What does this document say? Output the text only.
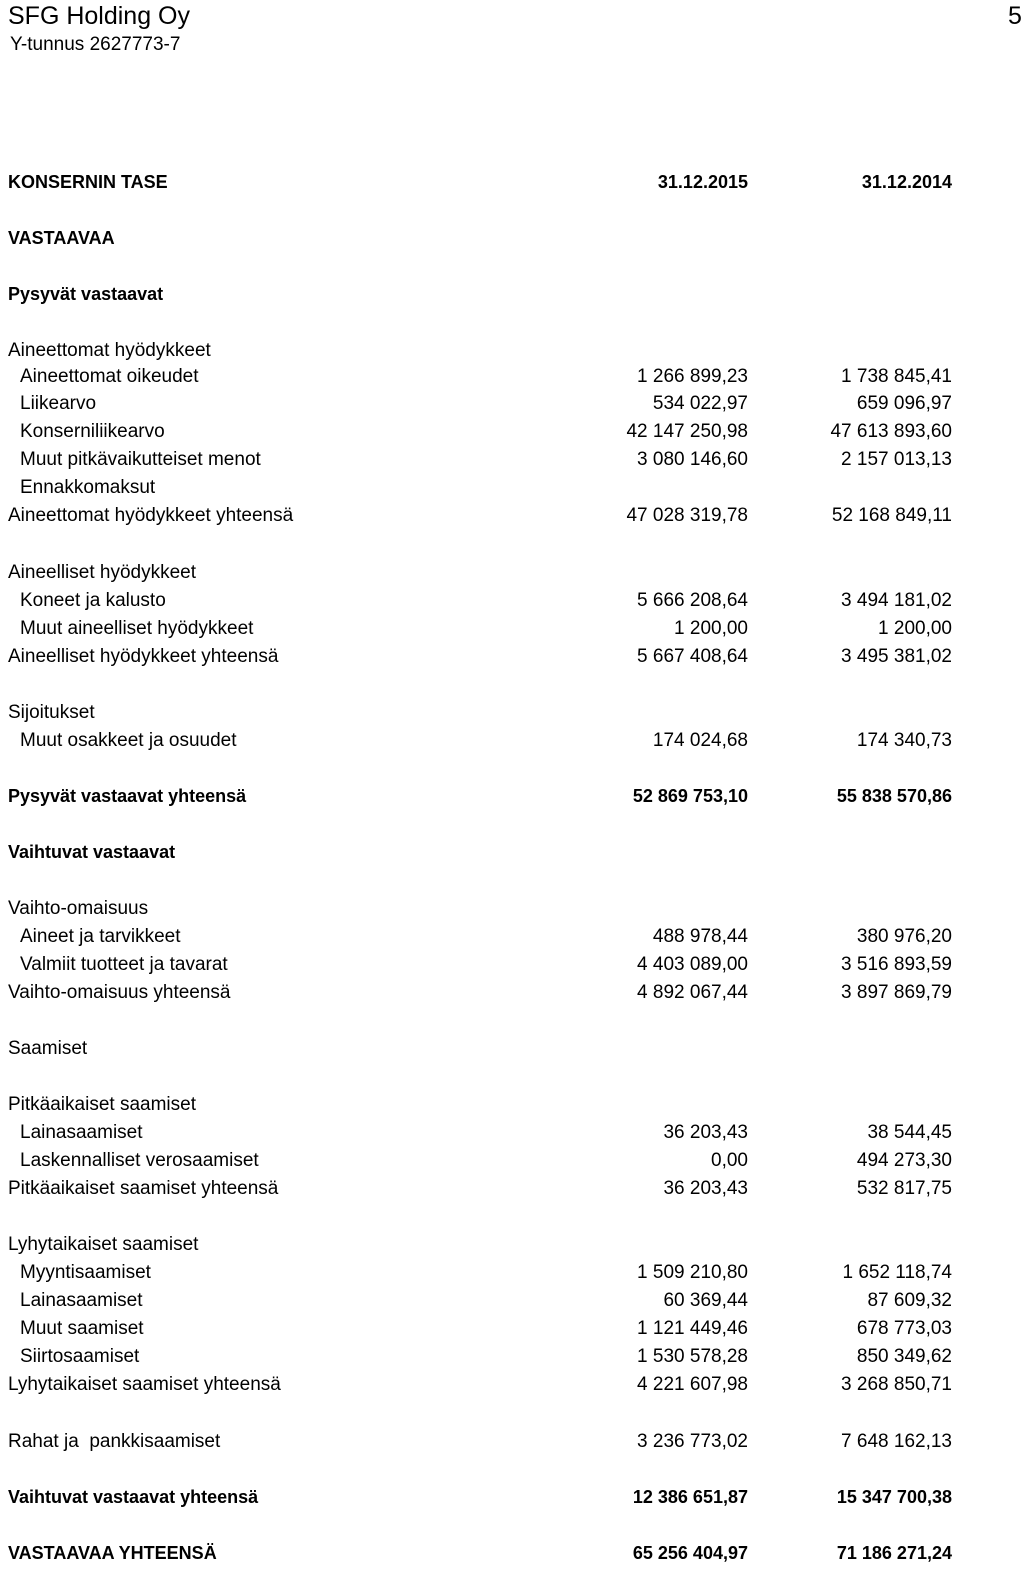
SFG Holding Oy
Y-tunnus 2627773-7
5
KONSERNIN TASE	31.12.2015	31.12.2014
VASTAAVAA
Pysyvät vastaavat
Aineettomat hyödykkeet
Aineettomat oikeudet	1 266 899,23	1 738 845,41
Liikearvo	534 022,97	659 096,97
Konserniliikearvo	42 147 250,98	47 613 893,60
Muut pitkävaikutteiset menot	3 080 146,60	2 157 013,13
Ennakkomaksut
Aineettomat hyödykkeet yhteensä	47 028 319,78	52 168 849,11
Aineelliset hyödykkeet
Koneet ja kalusto	5 666 208,64	3 494 181,02
Muut aineelliset hyödykkeet	1 200,00	1 200,00
Aineelliset hyödykkeet yhteensä	5 667 408,64	3 495 381,02
Sijoitukset
Muut osakkeet ja osuudet	174 024,68	174 340,73
Pysyvät vastaavat yhteensä	52 869 753,10	55 838 570,86
Vaihtuvat vastaavat
Vaihto-omaisuus
Aineet ja tarvikkeet	488 978,44	380 976,20
Valmiit tuotteet ja tavarat	4 403 089,00	3 516 893,59
Vaihto-omaisuus yhteensä	4 892 067,44	3 897 869,79
Saamiset
Pitkäaikaiset saamiset
Lainasaamiset	36 203,43	38 544,45
Laskennalliset verosaamiset	0,00	494 273,30
Pitkäaikaiset saamiset yhteensä	36 203,43	532 817,75
Lyhytaikaiset saamiset
Myyntisaamiset	1 509 210,80	1 652 118,74
Lainasaamiset	60 369,44	87 609,32
Muut saamiset	1 121 449,46	678 773,03
Siirtosaamiset	1 530 578,28	850 349,62
Lyhytaikaiset saamiset yhteensä	4 221 607,98	3 268 850,71
Rahat ja  pankkisaamiset	3 236 773,02	7 648 162,13
Vaihtuvat vastaavat yhteensä	12 386 651,87	15 347 700,38
VASTAAVAA YHTEENSÄ	65 256 404,97	71 186 271,24
